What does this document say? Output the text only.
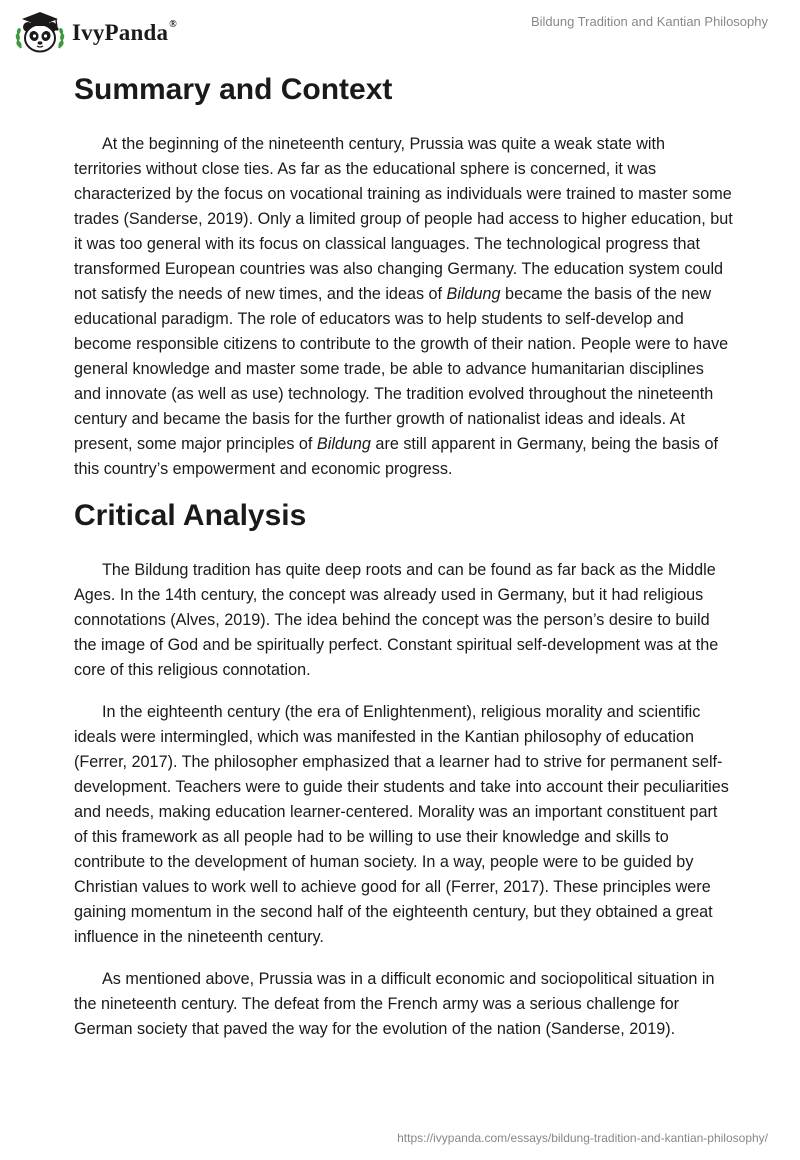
IvyPanda®	Bildung Tradition and Kantian Philosophy
Summary and Context

At the beginning of the nineteenth century, Prussia was quite a weak state with territories without close ties. As far as the educational sphere is concerned, it was characterized by the focus on vocational training as individuals were trained to master some trades (Sanderse, 2019). Only a limited group of people had access to higher education, but it was too general with its focus on classical languages. The technological progress that transformed European countries was also changing Germany. The education system could not satisfy the needs of new times, and the ideas of Bildung became the basis of the new educational paradigm. The role of educators was to help students to self-develop and become responsible citizens to contribute to the growth of their nation. People were to have general knowledge and master some trade, be able to advance humanitarian disciplines and innovate (as well as use) technology. The tradition evolved throughout the nineteenth century and became the basis for the further growth of nationalist ideas and ideals. At present, some major principles of Bildung are still apparent in Germany, being the basis of this country’s empowerment and economic progress.

Critical Analysis

The Bildung tradition has quite deep roots and can be found as far back as the Middle Ages. In the 14th century, the concept was already used in Germany, but it had religious connotations (Alves, 2019). The idea behind the concept was the person’s desire to build the image of God and be spiritually perfect. Constant spiritual self-development was at the core of this religious connotation.

In the eighteenth century (the era of Enlightenment), religious morality and scientific ideals were intermingled, which was manifested in the Kantian philosophy of education (Ferrer, 2017). The philosopher emphasized that a learner had to strive for permanent self-development. Teachers were to guide their students and take into account their peculiarities and needs, making education learner-centered. Morality was an important constituent part of this framework as all people had to be willing to use their knowledge and skills to contribute to the development of human society. In a way, people were to be guided by Christian values to work well to achieve good for all (Ferrer, 2017). These principles were gaining momentum in the second half of the eighteenth century, but they obtained a great influence in the nineteenth century.

As mentioned above, Prussia was in a difficult economic and sociopolitical situation in the nineteenth century. The defeat from the French army was a serious challenge for German society that paved the way for the evolution of the nation (Sanderse, 2019).

https://ivypanda.com/essays/bildung-tradition-and-kantian-philosophy/
